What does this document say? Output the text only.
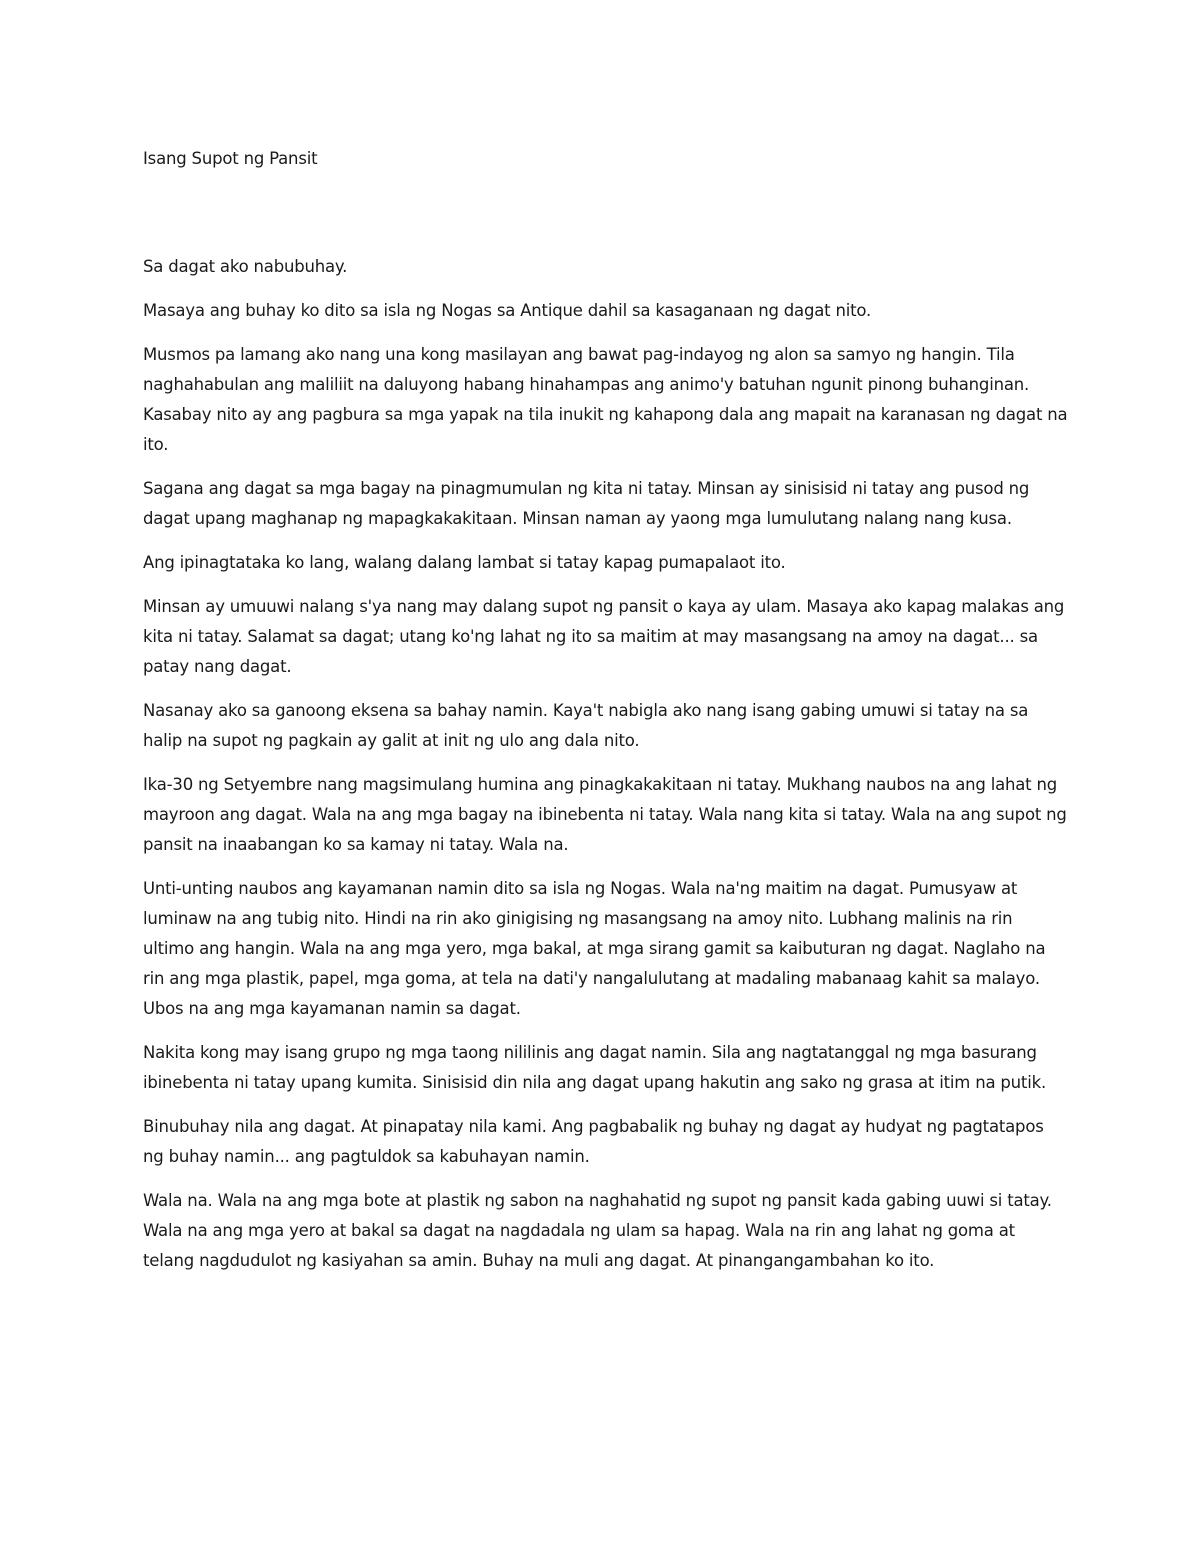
Isang Supot ng Pansit

Sa dagat ako nabubuhay.

Masaya ang buhay ko dito sa isla ng Nogas sa Antique dahil sa kasaganaan ng dagat nito.

Musmos pa lamang ako nang una kong masilayan ang bawat pag-indayog ng alon sa samyo ng hangin. Tila naghahabulan ang maliliit na daluyong habang hinahampas ang animo'y batuhan ngunit pinong buhanginan. Kasabay nito ay ang pagbura sa mga yapak na tila inukit ng kahapong dala ang mapait na karanasan ng dagat na ito.

Sagana ang dagat sa mga bagay na pinagmumulan ng kita ni tatay. Minsan ay sinisisid ni tatay ang pusod ng dagat upang maghanap ng mapagkakakitaan. Minsan naman ay yaong mga lumulutang nalang nang kusa.

Ang ipinagtataka ko lang, walang dalang lambat si tatay kapag pumapalaot ito.

Minsan ay umuuwi nalang s'ya nang may dalang supot ng pansit o kaya ay ulam. Masaya ako kapag malakas ang kita ni tatay. Salamat sa dagat; utang ko'ng lahat ng ito sa maitim at may masangsang na amoy na dagat... sa patay nang dagat.

Nasanay ako sa ganoong eksena sa bahay namin. Kaya't nabigla ako nang isang gabing umuwi si tatay na sa halip na supot ng pagkain ay galit at init ng ulo ang dala nito.

Ika-30 ng Setyembre nang magsimulang humina ang pinagkakakitaan ni tatay. Mukhang naubos na ang lahat ng mayroon ang dagat. Wala na ang mga bagay na ibinebenta ni tatay. Wala nang kita si tatay. Wala na ang supot ng pansit na inaabangan ko sa kamay ni tatay. Wala na.

Unti-unting naubos ang kayamanan namin dito sa isla ng Nogas. Wala na'ng maitim na dagat. Pumusyaw at luminaw na ang tubig nito. Hindi na rin ako ginigising ng masangsang na amoy nito. Lubhang malinis na rin ultimo ang hangin. Wala na ang mga yero, mga bakal, at mga sirang gamit sa kaibuturan ng dagat. Naglaho na rin ang mga plastik, papel, mga goma, at tela na dati'y nangalulutang at madaling mabanaag kahit sa malayo. Ubos na ang mga kayamanan namin sa dagat.

Nakita kong may isang grupo ng mga taong nililinis ang dagat namin. Sila ang nagtatanggal ng mga basurang ibinebenta ni tatay upang kumita. Sinisisid din nila ang dagat upang hakutin ang sako ng grasa at itim na putik.

Binubuhay nila ang dagat. At pinapatay nila kami. Ang pagbabalik ng buhay ng dagat ay hudyat ng pagtatapos ng buhay namin... ang pagtuldok sa kabuhayan namin.

Wala na. Wala na ang mga bote at plastik ng sabon na naghahatid ng supot ng pansit kada gabing uuwi si tatay. Wala na ang mga yero at bakal sa dagat na nagdadala ng ulam sa hapag. Wala na rin ang lahat ng goma at telang nagdudulot ng kasiyahan sa amin. Buhay na muli ang dagat. At pinangangambahan ko ito.
